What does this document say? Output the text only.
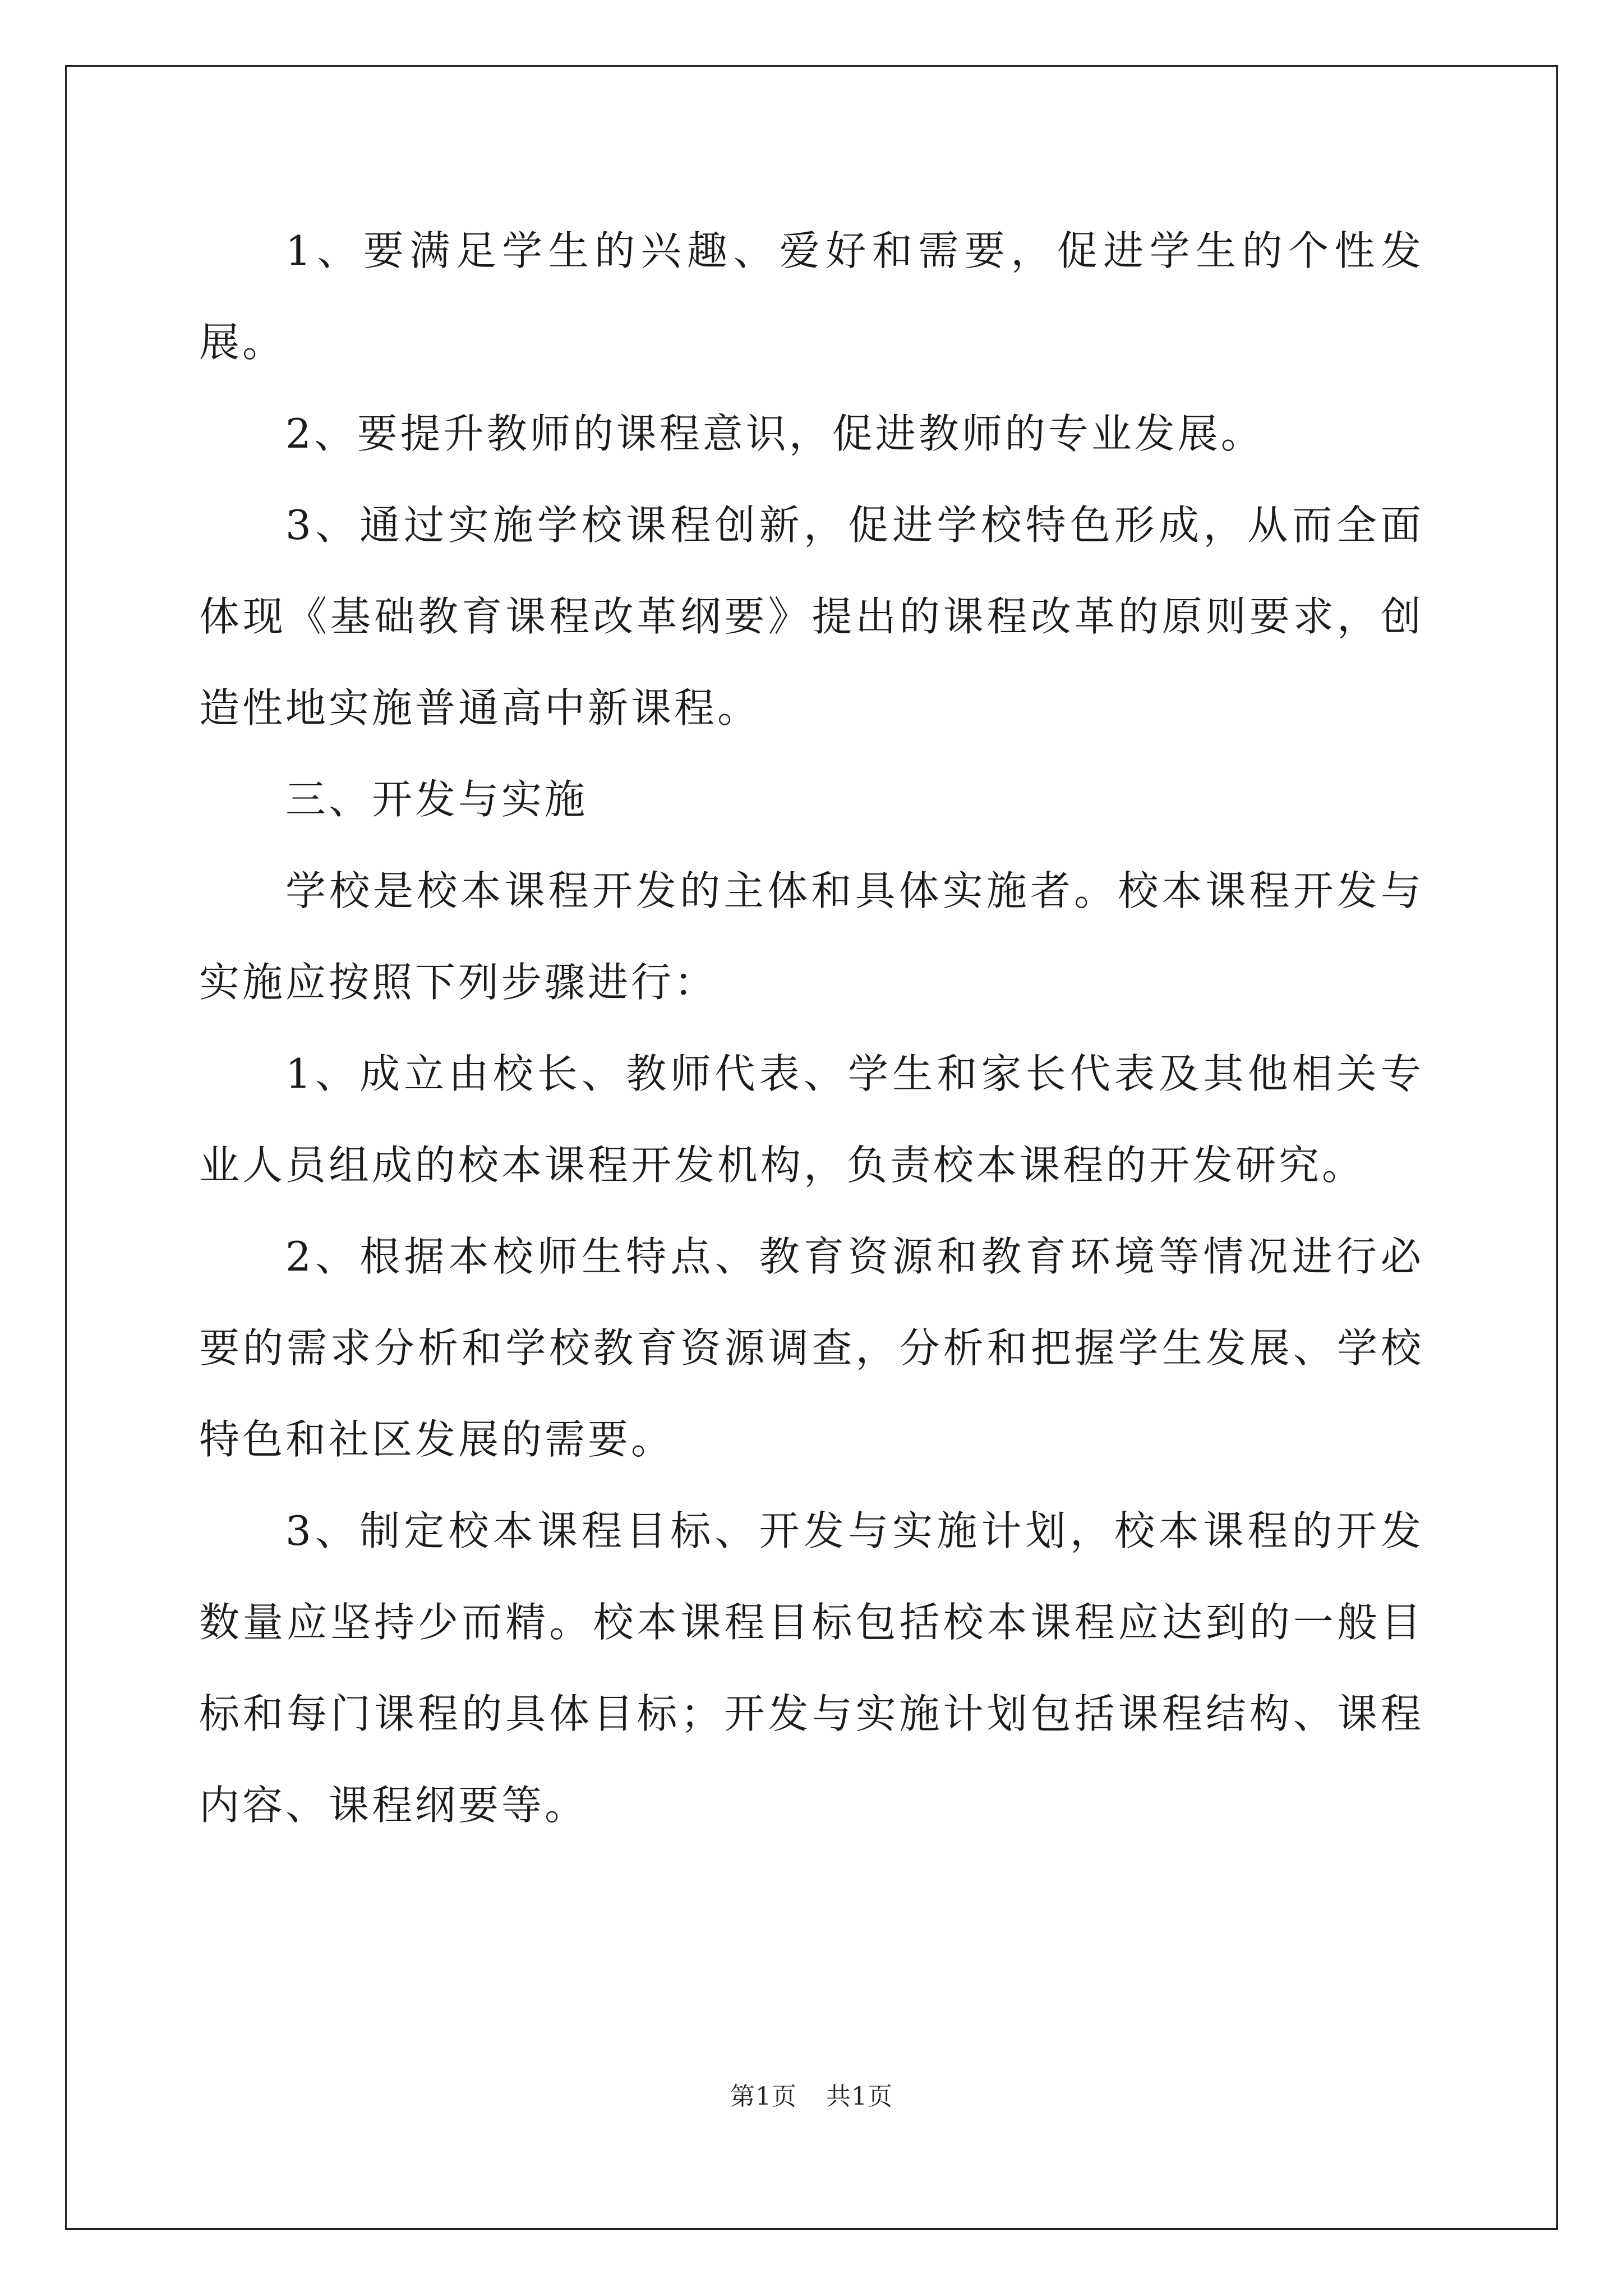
1、要满足学生的兴趣、爱好和需要，促进学生的个性发展。

2、要提升教师的课程意识，促进教师的专业发展。

3、通过实施学校课程创新，促进学校特色形成，从而全面体现《基础教育课程改革纲要》提出的课程改革的原则要求，创造性地实施普通高中新课程。

三、开发与实施

学校是校本课程开发的主体和具体实施者。校本课程开发与实施应按照下列步骤进行：

1、成立由校长、教师代表、学生和家长代表及其他相关专业人员组成的校本课程开发机构，负责校本课程的开发研究。

2、根据本校师生特点、教育资源和教育环境等情况进行必要的需求分析和学校教育资源调查，分析和把握学生发展、学校特色和社区发展的需要。

3、制定校本课程目标、开发与实施计划，校本课程的开发数量应坚持少而精。校本课程目标包括校本课程应达到的一般目标和每门课程的具体目标；开发与实施计划包括课程结构、课程内容、课程纲要等。

第1页 共1页
